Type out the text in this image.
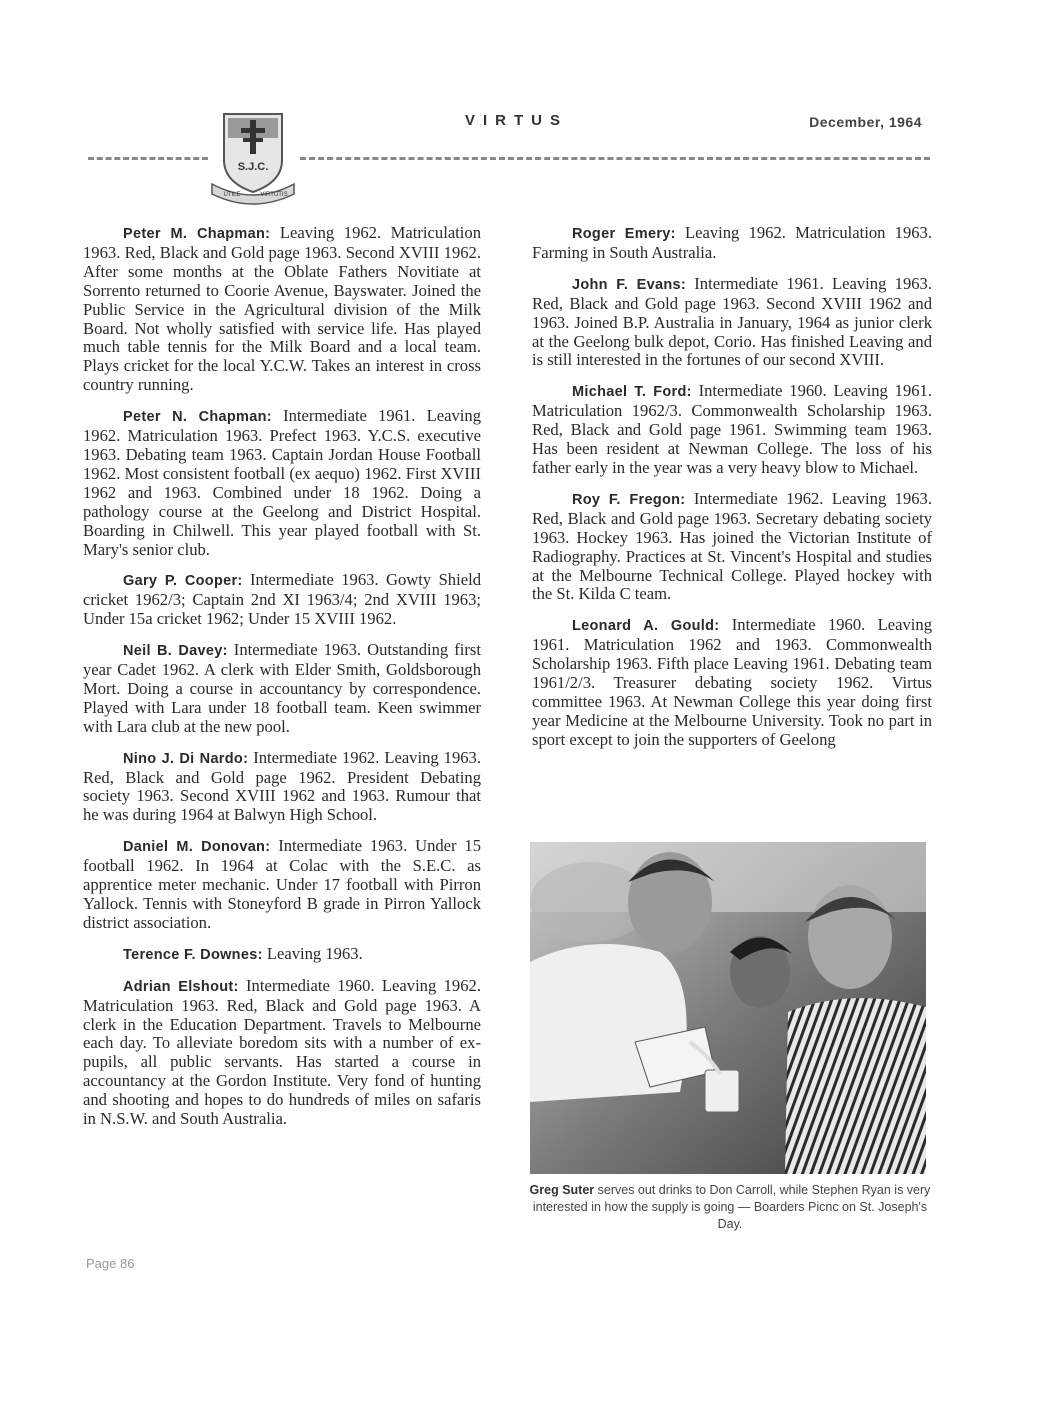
VIRTUS	December, 1964
S.J.C.
UTILE	VIRTUTIS

Peter M. Chapman: Leaving 1962. Matriculation 1963. Red, Black and Gold page 1963. Second XVIII 1962. After some months at the Oblate Fathers Novitiate at Sorrento returned to Coorie Avenue, Bayswater. Joined the Public Service in the Agricultural division of the Milk Board. Not wholly satisfied with service life. Has played much table tennis for the Milk Board and a local team. Plays cricket for the local Y.C.W. Takes an interest in cross country running.

Peter N. Chapman: Intermediate 1961. Leaving 1962. Matriculation 1963. Prefect 1963. Y.C.S. executive 1963. Debating team 1963. Captain Jordan House Football 1962. Most consistent football (ex aequo) 1962. First XVIII 1962 and 1963. Combined under 18 1962. Doing a pathology course at the Geelong and District Hospital. Boarding in Chilwell. This year played football with St. Mary's senior club.

Gary P. Cooper: Intermediate 1963. Gowty Shield cricket 1962/3; Captain 2nd XI 1963/4; 2nd XVIII 1963; Under 15a cricket 1962; Under 15 XVIII 1962.

Neil B. Davey: Intermediate 1963. Outstanding first year Cadet 1962. A clerk with Elder Smith, Goldsborough Mort. Doing a course in accountancy by correspondence. Played with Lara under 18 football team. Keen swimmer with Lara club at the new pool.

Nino J. Di Nardo: Intermediate 1962. Leaving 1963. Red, Black and Gold page 1962. President Debating society 1963. Second XVIII 1962 and 1963. Rumour that he was during 1964 at Balwyn High School.

Daniel M. Donovan: Intermediate 1963. Under 15 football 1962. In 1964 at Colac with the S.E.C. as apprentice meter mechanic. Under 17 football with Pirron Yallock. Tennis with Stoneyford B grade in Pirron Yallock district association.

Terence F. Downes: Leaving 1963.

Adrian Elshout: Intermediate 1960. Leaving 1962. Matriculation 1963. Red, Black and Gold page 1963. A clerk in the Education Department. Travels to Melbourne each day. To alleviate boredom sits with a number of ex-pupils, all public servants. Has started a course in accountancy at the Gordon Institute. Very fond of hunting and shooting and hopes to do hundreds of miles on safaris in N.S.W. and South Australia.

Roger Emery: Leaving 1962. Matriculation 1963. Farming in South Australia.

John F. Evans: Intermediate 1961. Leaving 1963. Red, Black and Gold page 1963. Second XVIII 1962 and 1963. Joined B.P. Australia in January, 1964 as junior clerk at the Geelong bulk depot, Corio. Has finished Leaving and is still interested in the fortunes of our second XVIII.

Michael T. Ford: Intermediate 1960. Leaving 1961. Matriculation 1962/3. Commonwealth Scholarship 1963. Red, Black and Gold page 1961. Swimming team 1963. Has been resident at Newman College. The loss of his father early in the year was a very heavy blow to Michael.

Roy F. Fregon: Intermediate 1962. Leaving 1963. Red, Black and Gold page 1963. Secretary debating society 1963. Hockey 1963. Has joined the Victorian Institute of Radiography. Practices at St. Vincent's Hospital and studies at the Melbourne Technical College. Played hockey with the St. Kilda C team.

Leonard A. Gould: Intermediate 1960. Leaving 1961. Matriculation 1962 and 1963. Commonwealth Scholarship 1963. Fifth place Leaving 1961. Debating team 1961/2/3. Treasurer debating society 1962. Virtus committee 1963. At Newman College this year doing first year Medicine at the Melbourne University. Took no part in sport except to join the supporters of Geelong

Greg Suter serves out drinks to Don Carroll, while Stephen Ryan is very interested in how the supply is going — Boarders Picnc on St. Joseph's Day.
Page 86
